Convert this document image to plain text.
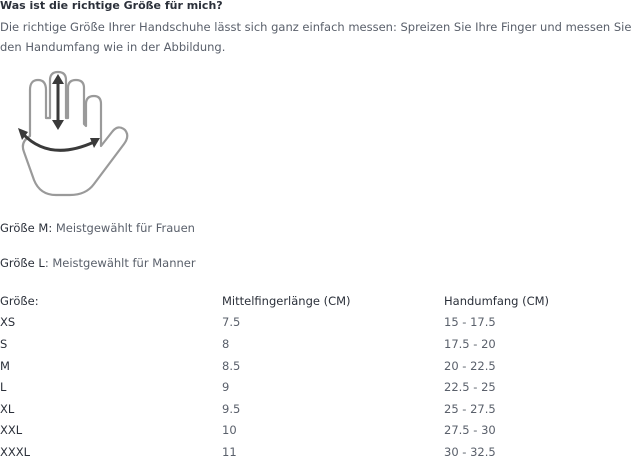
Was ist die richtige Größe für mich?
Die richtige Größe Ihrer Handschuhe lässt sich ganz einfach messen: Spreizen Sie Ihre Finger und messen Sie den Handumfang wie in der Abbildung.
Größe M: Meistgewählt für Frauen
Größe L: Meistgewählt für Manner
Größe:	Mittelfingerlänge (CM)	Handumfang (CM)
XS	7.5	15 - 17.5
S	8	17.5 - 20
M	8.5	20 - 22.5
L	9	22.5 - 25
XL	9.5	25 - 27.5
XXL	10	27.5 - 30
XXXL	11	30 - 32.5
